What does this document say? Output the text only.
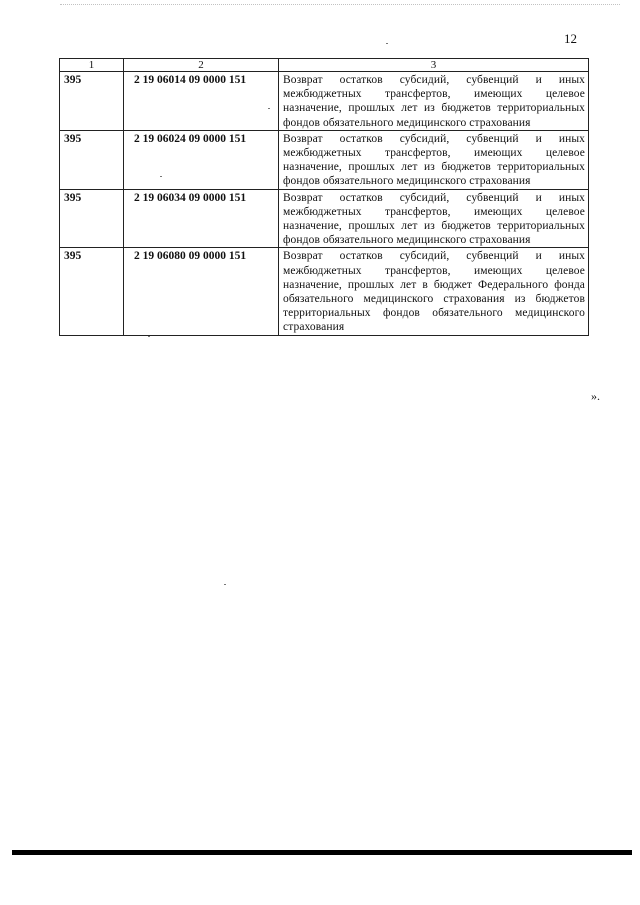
12
1	2	3
395	2 19 06014 09 0000 151	Возврат остатков субсидий, субвенций и иных межбюджетных трансфертов, имеющих целевое назначение, прошлых лет из бюджетов территориальных фондов обязательного медицинского страхования
395	2 19 06024 09 0000 151	Возврат остатков субсидий, субвенций и иных межбюджетных трансфертов, имеющих целевое назначение, прошлых лет из бюджетов территориальных фондов обязательного медицинского страхования
395	2 19 06034 09 0000 151	Возврат остатков субсидий, субвенций и иных межбюджетных трансфертов, имеющих целевое назначение, прошлых лет из бюджетов территориальных фондов обязательного медицинского страхования
395	2 19 06080 09 0000 151	Возврат остатков субсидий, субвенций и иных межбюджетных трансфертов, имеющих целевое назначение, прошлых лет в бюджет Федерального фонда обязательного медицинского страхования из бюджетов территориальных фондов обязательного медицинского страхования
».
